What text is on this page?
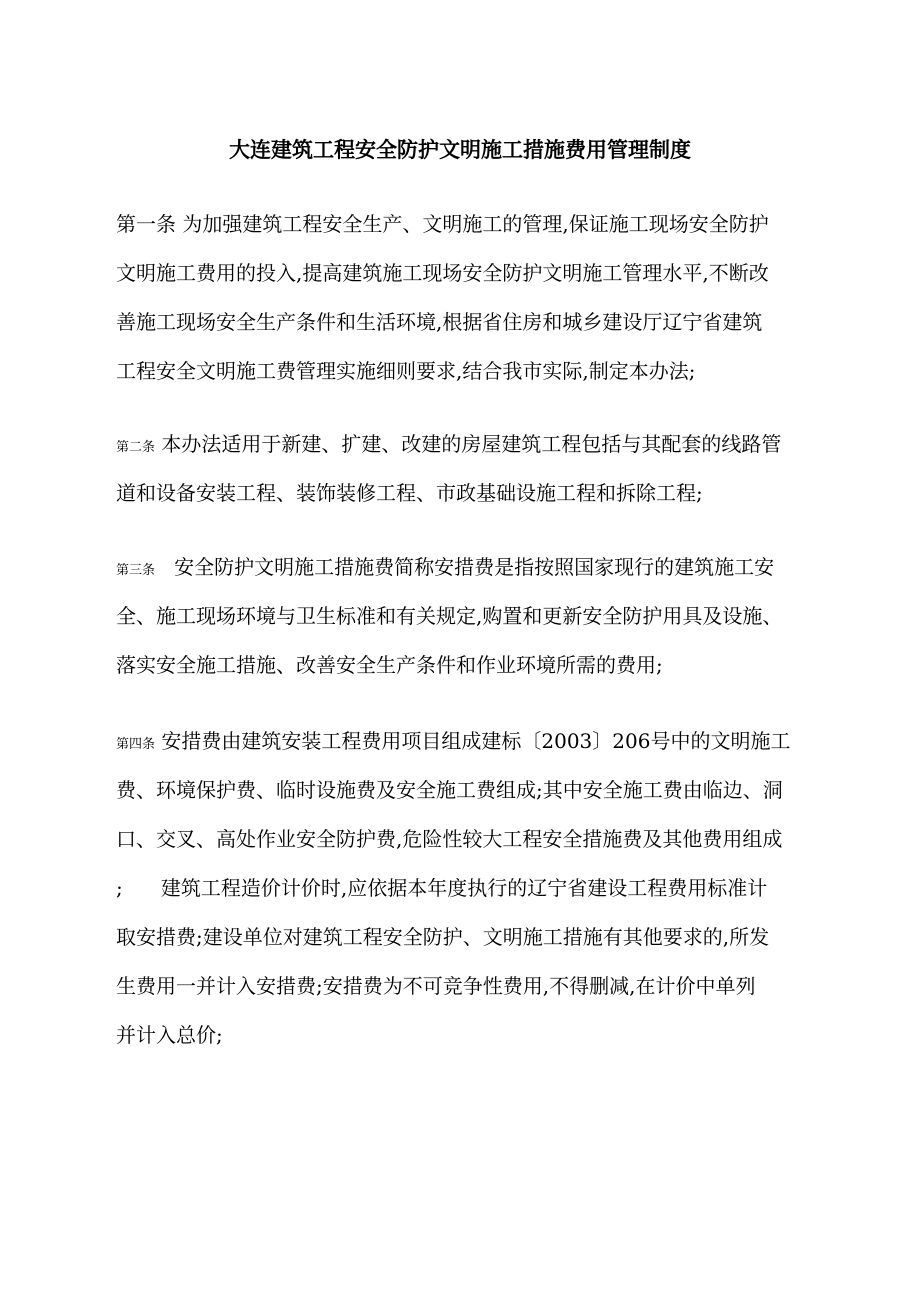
大连建筑工程安全防护文明施工措施费用管理制度
第一条 为加强建筑工程安全生产、文明施工的管理,保证施工现场安全防护
文明施工费用的投入,提高建筑施工现场安全防护文明施工管理水平,不断改
善施工现场安全生产条件和生活环境,根据省住房和城乡建设厅辽宁省建筑
工程安全文明施工费管理实施细则要求,结合我市实际,制定本办法;
第二条 本办法适用于新建、扩建、改建的房屋建筑工程包括与其配套的线路管
道和设备安装工程、装饰装修工程、市政基础设施工程和拆除工程;
第三条   安全防护文明施工措施费简称安措费是指按照国家现行的建筑施工安
全、施工现场环境与卫生标准和有关规定,购置和更新安全防护用具及设施、
落实安全施工措施、改善安全生产条件和作业环境所需的费用;
第四条 安措费由建筑安装工程费用项目组成建标〔2003〕206号中的文明施工
费、环境保护费、临时设施费及安全施工费组成;其中安全施工费由临边、洞
口、交叉、高处作业安全防护费,危险性较大工程安全措施费及其他费用组成
;      建筑工程造价计价时,应依据本年度执行的辽宁省建设工程费用标准计
取安措费;建设单位对建筑工程安全防护、文明施工措施有其他要求的,所发
生费用一并计入安措费;安措费为不可竞争性费用,不得删减,在计价中单列
并计入总价;
